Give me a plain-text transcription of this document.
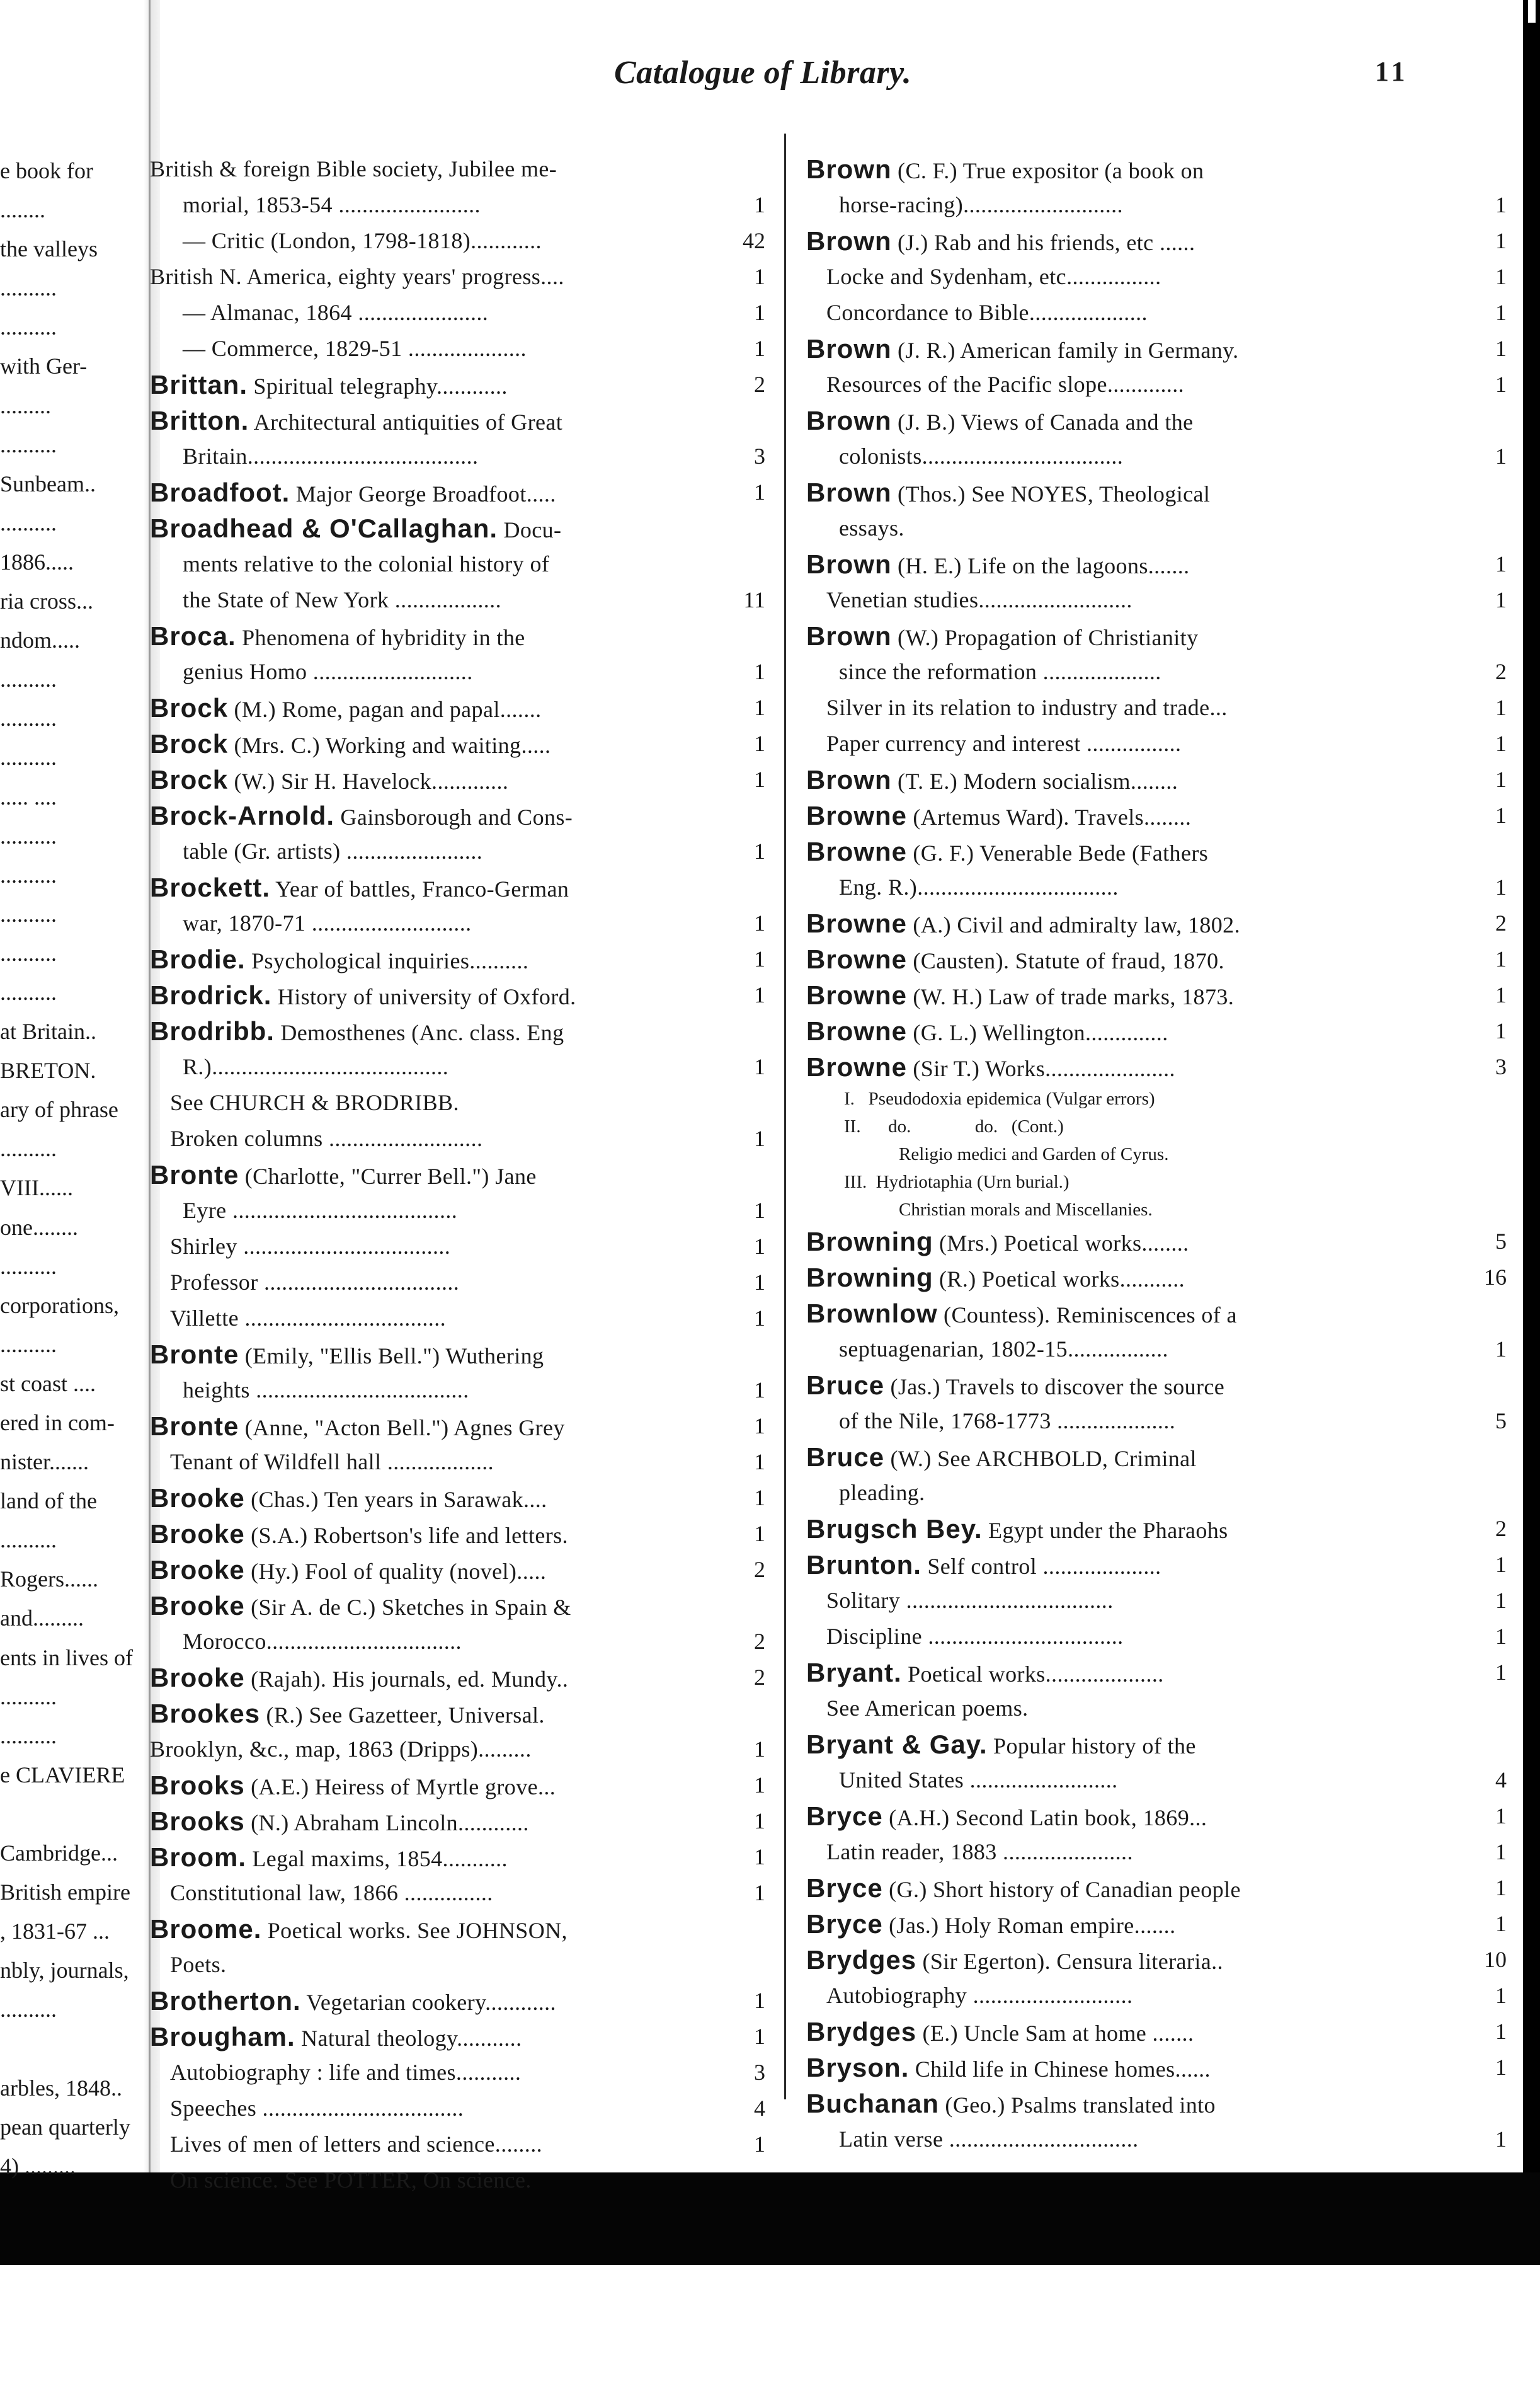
Catalogue of Library.	11
e book for
........
the valleys
..........
..........
with Ger-
.........
..........
Sunbeam..
..........
1886.....
ria cross...
ndom.....
..........
..........
..........
..... ....
..........
..........
..........
..........
..........
at Britain..
BRETON.
ary of phrase
..........
VIII......
one........
..........
corporations,
..........
st coast ....
ered in com-
nister.......
land of the
..........
Rogers......
and.........
ents in lives of
..........
..........
e CLAVIERE
Cambridge...
British empire
, 1831-67 ...
nbly, journals,
..........
arbles, 1848..
pean quarterly
4) .........
British & foreign Bible society, Jubilee me-
morial, 1853-54 ........................	1
— Critic (London, 1798-1818)............	42
British N. America, eighty years' progress....	1
— Almanac, 1864 ......................	1
— Commerce, 1829-51 ....................	1
Brittan. Spiritual telegraphy............	2
Britton. Architectural antiquities of Great
Britain.......................................	3
Broadfoot. Major George Broadfoot.....	1
Broadhead & O'Callaghan. Docu-
ments relative to the colonial history of
the State of New York ..................	11
Broca. Phenomena of hybridity in the
genius Homo ...........................	1
Brock (M.) Rome, pagan and papal.......	1
Brock (Mrs. C.) Working and waiting.....	1
Brock (W.) Sir H. Havelock.............	1
Brock-Arnold. Gainsborough and Cons-
table (Gr. artists) .......................	1
Brockett. Year of battles, Franco-German
war, 1870-71 ...........................	1
Brodie. Psychological inquiries..........	1
Brodrick. History of university of Oxford.	1
Brodribb. Demosthenes (Anc. class. Eng
R.)........................................	1
See CHURCH & BRODRIBB.
Broken columns ..........................	1
Bronte (Charlotte, "Currer Bell.") Jane
Eyre ......................................	1
Shirley ...................................	1
Professor .................................	1
Villette ..................................	1
Bronte (Emily, "Ellis Bell.") Wuthering
heights ....................................	1
Bronte (Anne, "Acton Bell.") Agnes Grey	1
Tenant of Wildfell hall ..................	1
Brooke (Chas.) Ten years in Sarawak....	1
Brooke (S.A.) Robertson's life and letters.	1
Brooke (Hy.) Fool of quality (novel).....	2
Brooke (Sir A. de C.) Sketches in Spain &
Morocco.................................	2
Brooke (Rajah). His journals, ed. Mundy..	2
Brookes (R.) See Gazetteer, Universal.
Brooklyn, &c., map, 1863 (Dripps).........	1
Brooks (A.E.) Heiress of Myrtle grove...	1
Brooks (N.) Abraham Lincoln............	1
Broom. Legal maxims, 1854...........	1
Constitutional law, 1866 ...............	1
Broome. Poetical works. See JOHNSON,
Poets.
Brotherton. Vegetarian cookery............	1
Brougham. Natural theology...........	1
Autobiography : life and times...........	3
Speeches ..................................	4
Lives of men of letters and science........	1
On science. See POTTER, On science.
Brown (C. F.) True expositor (a book on
horse-racing)...........................	1
Brown (J.) Rab and his friends, etc ......	1
Locke and Sydenham, etc................	1
Concordance to Bible....................	1
Brown (J. R.) American family in Germany.	1
Resources of the Pacific slope.............	1
Brown (J. B.) Views of Canada and the
colonists..................................	1
Brown (Thos.) See NOYES, Theological
essays.
Brown (H. E.) Life on the lagoons.......	1
Venetian studies..........................	1
Brown (W.) Propagation of Christianity
since the reformation ....................	2
Silver in its relation to industry and trade...	1
Paper currency and interest ................	1
Brown (T. E.) Modern socialism........	1
Browne (Artemus Ward). Travels........	1
Browne (G. F.) Venerable Bede (Fathers
Eng. R.)..................................	1
Browne (A.) Civil and admiralty law, 1802.	2
Browne (Causten). Statute of fraud, 1870.	1
Browne (W. H.) Law of trade marks, 1873.	1
Browne (G. L.) Wellington..............	1
Browne (Sir T.) Works......................	3
I.   Pseudodoxia epidemica (Vulgar errors)
II.      do.              do.   (Cont.)
Religio medici and Garden of Cyrus.
III.  Hydriotaphia (Urn burial.)
Christian morals and Miscellanies.
Browning (Mrs.) Poetical works........	5
Browning (R.) Poetical works...........	16
Brownlow (Countess). Reminiscences of a
septuagenarian, 1802-15.................	1
Bruce (Jas.) Travels to discover the source
of the Nile, 1768-1773 ....................	5
Bruce (W.) See ARCHBOLD, Criminal
pleading.
Brugsch Bey. Egypt under the Pharaohs	2
Brunton. Self control ....................	1
Solitary ...................................	1
Discipline .................................	1
Bryant. Poetical works....................	1
See American poems.
Bryant & Gay. Popular history of the
United States .........................	4
Bryce (A.H.) Second Latin book, 1869...	1
Latin reader, 1883 ......................	1
Bryce (G.) Short history of Canadian people	1
Bryce (Jas.) Holy Roman empire.......	1
Brydges (Sir Egerton). Censura literaria..	10
Autobiography ...........................	1
Brydges (E.) Uncle Sam at home .......	1
Bryson. Child life in Chinese homes......	1
Buchanan (Geo.) Psalms translated into
Latin verse ................................	1
